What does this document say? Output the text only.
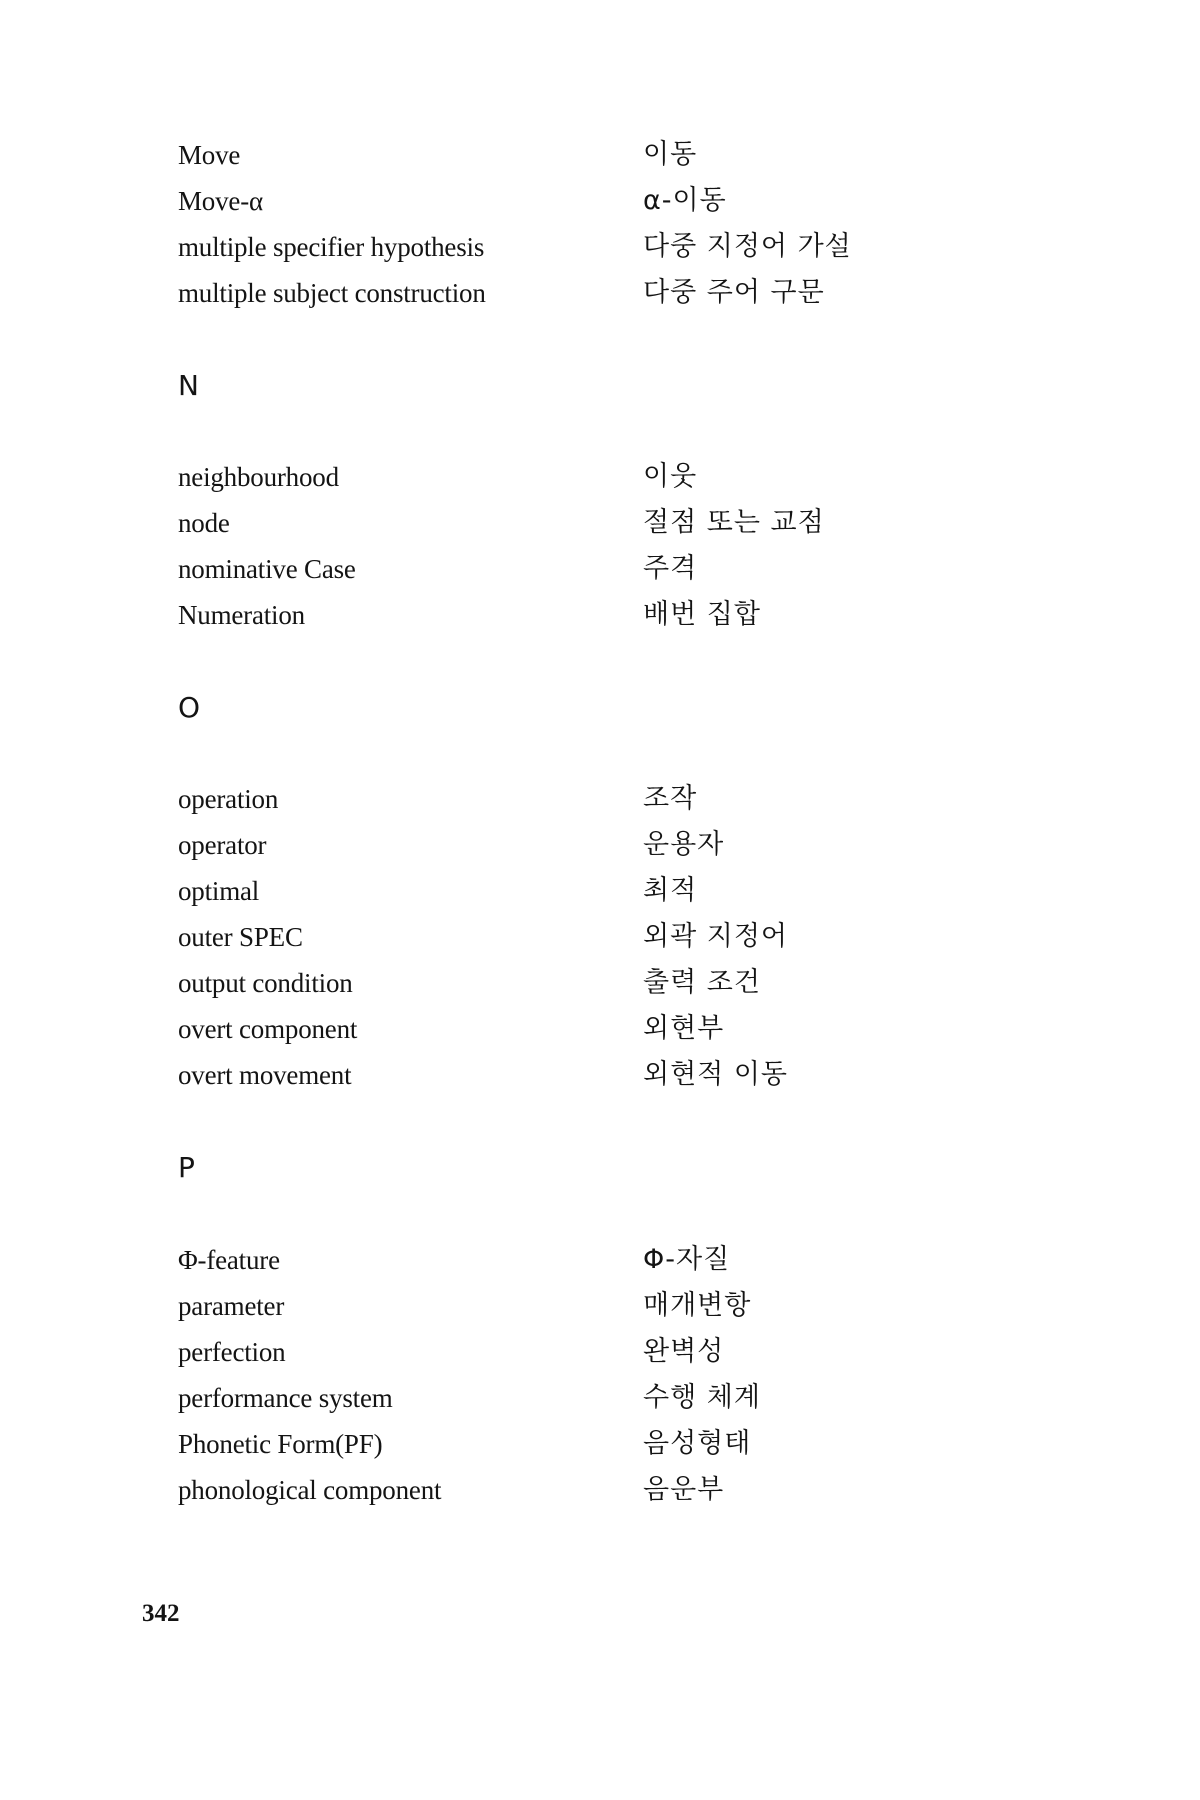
Move	이동
Move-α	α-이동
multiple specifier hypothesis	다중 지정어 가설
multiple subject construction	다중 주어 구문
N
neighbourhood	이웃
node	절점 또는 교점
nominative Case	주격
Numeration	배번 집합
O
operation	조작
operator	운용자
optimal	최적
outer SPEC	외곽 지정어
output condition	출력 조건
overt component	외현부
overt movement	외현적 이동
P
Φ-feature	Φ-자질
parameter	매개변항
perfection	완벽성
performance system	수행 체계
Phonetic Form(PF)	음성형태
phonological component	음운부
342
